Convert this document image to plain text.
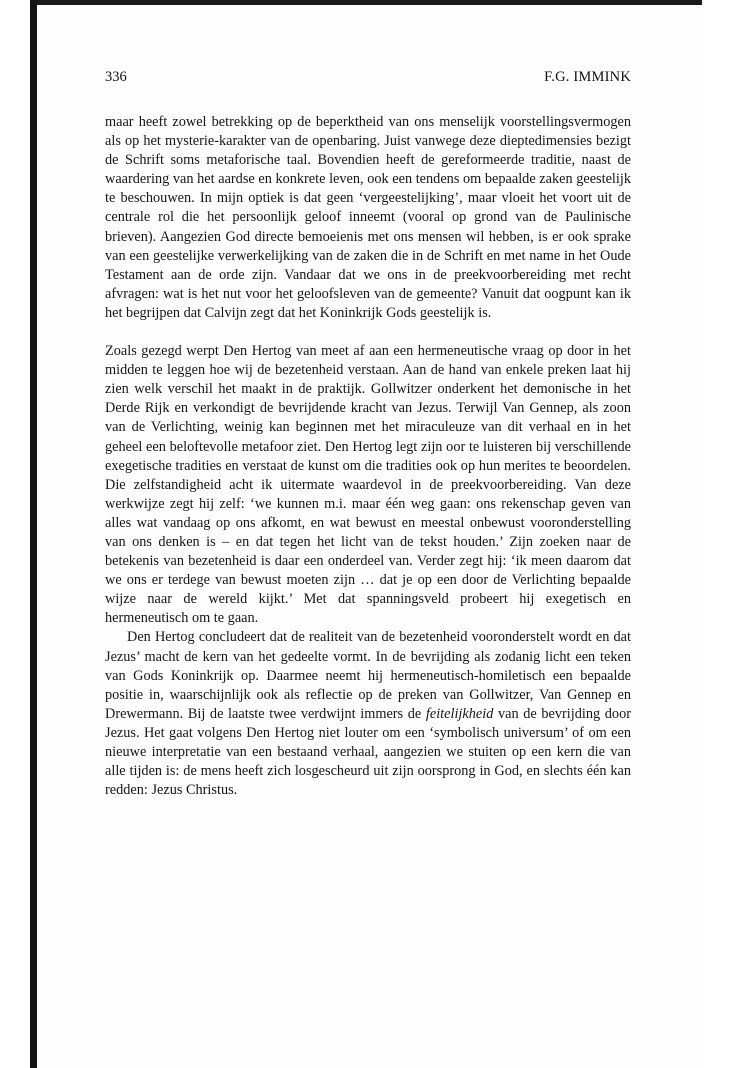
336	F.G. IMMINK

maar heeft zowel betrekking op de beperktheid van ons menselijk voorstellingsvermogen als op het mysterie-karakter van de openbaring. Juist vanwege deze dieptedimensies bezigt de Schrift soms metaforische taal. Bovendien heeft de gereformeerde traditie, naast de waardering van het aardse en konkrete leven, ook een tendens om bepaalde zaken geestelijk te beschouwen. In mijn optiek is dat geen ‘vergeestelijking’, maar vloeit het voort uit de centrale rol die het persoonlijk geloof inneemt (vooral op grond van de Paulinische brieven). Aangezien God directe bemoeienis met ons mensen wil hebben, is er ook sprake van een geestelijke verwerkelijking van de zaken die in de Schrift en met name in het Oude Testament aan de orde zijn. Vandaar dat we ons in de preekvoorbereiding met recht afvragen: wat is het nut voor het geloofsleven van de gemeente? Vanuit dat oogpunt kan ik het begrijpen dat Calvijn zegt dat het Koninkrijk Gods geestelijk is.

Zoals gezegd werpt Den Hertog van meet af aan een hermeneutische vraag op door in het midden te leggen hoe wij de bezetenheid verstaan. Aan de hand van enkele preken laat hij zien welk verschil het maakt in de praktijk. Gollwitzer onderkent het demonische in het Derde Rijk en verkondigt de bevrijdende kracht van Jezus. Terwijl Van Gennep, als zoon van de Verlichting, weinig kan beginnen met het miraculeuze van dit verhaal en in het geheel een beloftevolle metafoor ziet. Den Hertog legt zijn oor te luisteren bij verschillende exegetische tradities en verstaat de kunst om die tradities ook op hun merites te beoordelen. Die zelfstandigheid acht ik uitermate waardevol in de preekvoorbereiding. Van deze werkwijze zegt hij zelf: ‘we kunnen m.i. maar één weg gaan: ons rekenschap geven van alles wat vandaag op ons afkomt, en wat bewust en meestal onbewust vooronderstelling van ons denken is – en dat tegen het licht van de tekst houden.’ Zijn zoeken naar de betekenis van bezetenheid is daar een onderdeel van. Verder zegt hij: ‘ik meen daarom dat we ons er terdege van bewust moeten zijn … dat je op een door de Verlichting bepaalde wijze naar de wereld kijkt.’ Met dat spanningsveld probeert hij exegetisch en hermeneutisch om te gaan.

Den Hertog concludeert dat de realiteit van de bezetenheid vooronderstelt wordt en dat Jezus’ macht de kern van het gedeelte vormt. In de bevrijding als zodanig licht een teken van Gods Koninkrijk op. Daarmee neemt hij hermeneutisch-homiletisch een bepaalde positie in, waarschijnlijk ook als reflectie op de preken van Gollwitzer, Van Gennep en Drewermann. Bij de laatste twee verdwijnt immers de feitelijkheid van de bevrijding door Jezus. Het gaat volgens Den Hertog niet louter om een ‘symbolisch universum’ of om een nieuwe interpretatie van een bestaand verhaal, aangezien we stuiten op een kern die van alle tijden is: de mens heeft zich losgescheurd uit zijn oorsprong in God, en slechts één kan redden: Jezus Christus.
